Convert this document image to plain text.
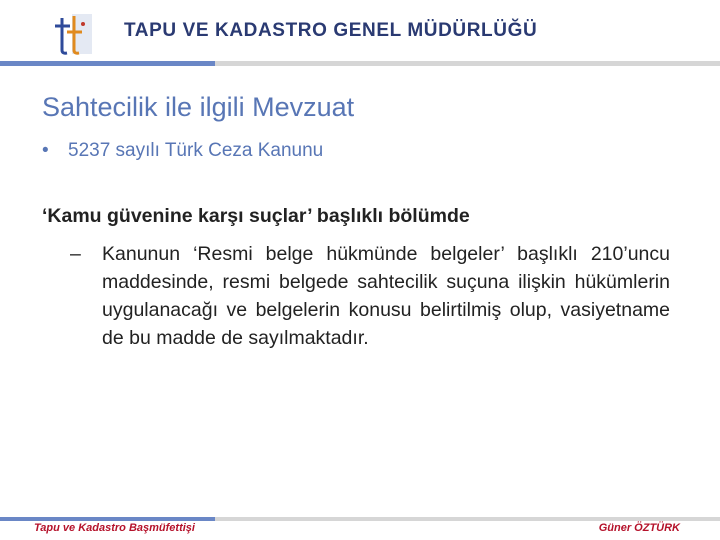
TAPU VE KADASTRO GENEL MÜDÜRLÜĞÜ
Sahtecilik ile ilgili Mevzuat
• 5237 sayılı Türk Ceza Kanunu
‘Kamu güvenine karşı suçlar’ başlıklı bölümde
–	Kanunun ‘Resmi belge hükmünde belgeler’ başlıklı 210’uncu maddesinde, resmi belgede sahtecilik suçuna ilişkin hükümlerin uygulanacağı ve belgelerin konusu belirtilmiş olup, vasiyetname de bu madde de sayılmaktadır.
Tapu ve Kadastro Başmüfettişi	Güner ÖZTÜRK
